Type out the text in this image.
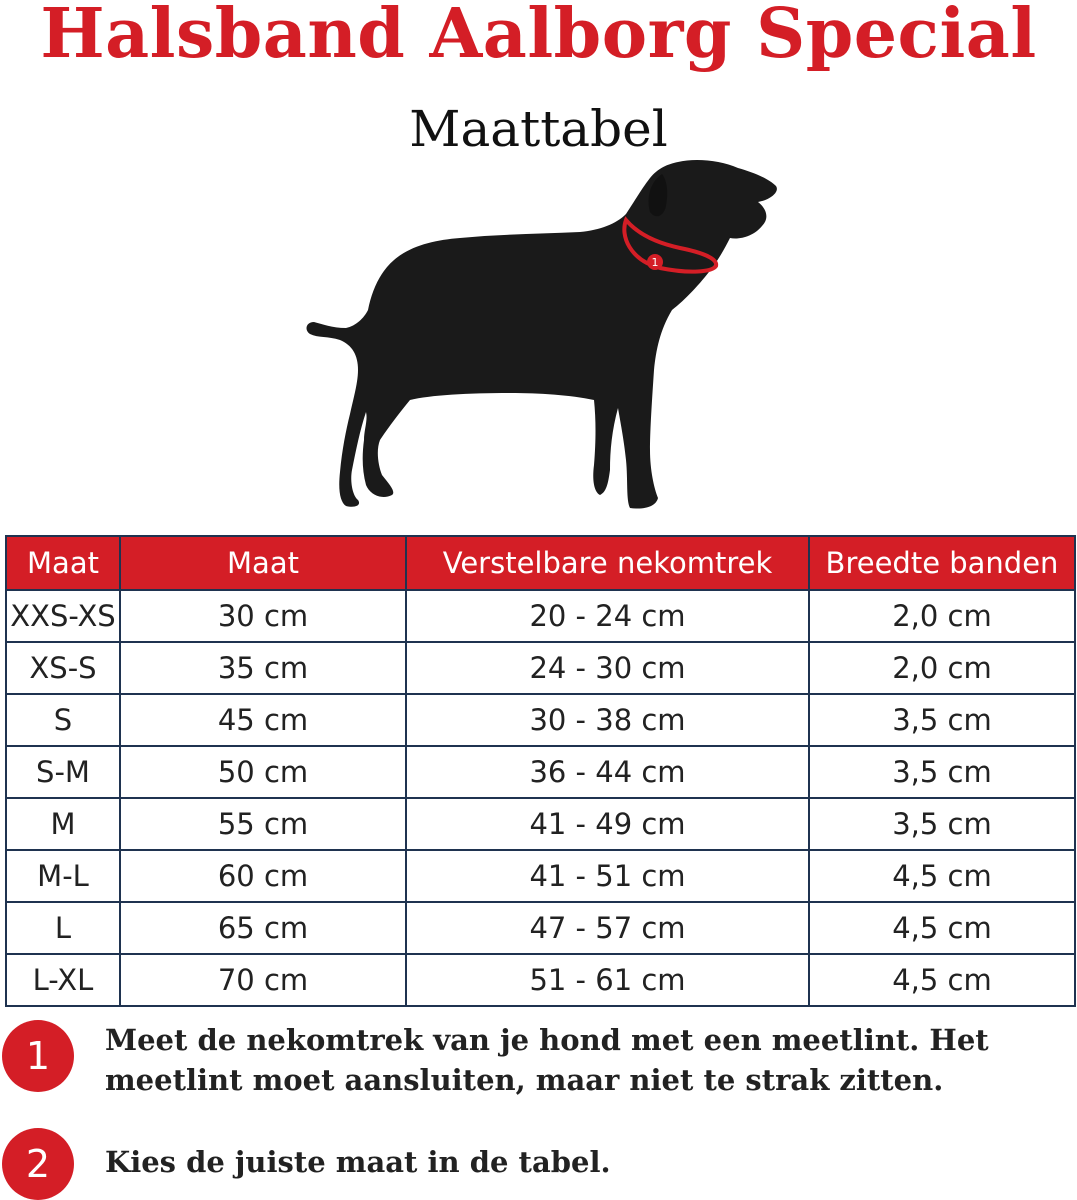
Halsband Aalborg Special
Maattabel
1
Maat	Maat	Verstelbare nekomtrek	Breedte banden
XXS-XS	30 cm	20 - 24 cm	2,0 cm
XS-S	35 cm	24 - 30 cm	2,0 cm
S	45 cm	30 - 38 cm	3,5 cm
S-M	50 cm	36 - 44 cm	3,5 cm
M	55 cm	41 - 49 cm	3,5 cm
M-L	60 cm	41 - 51 cm	4,5 cm
L	65 cm	47 - 57 cm	4,5 cm
L-XL	70 cm	51 - 61 cm	4,5 cm
1	Meet de nekomtrek van je hond met een meetlint. Het
meetlint moet aansluiten, maar niet te strak zitten.
2	Kies de juiste maat in de tabel.
